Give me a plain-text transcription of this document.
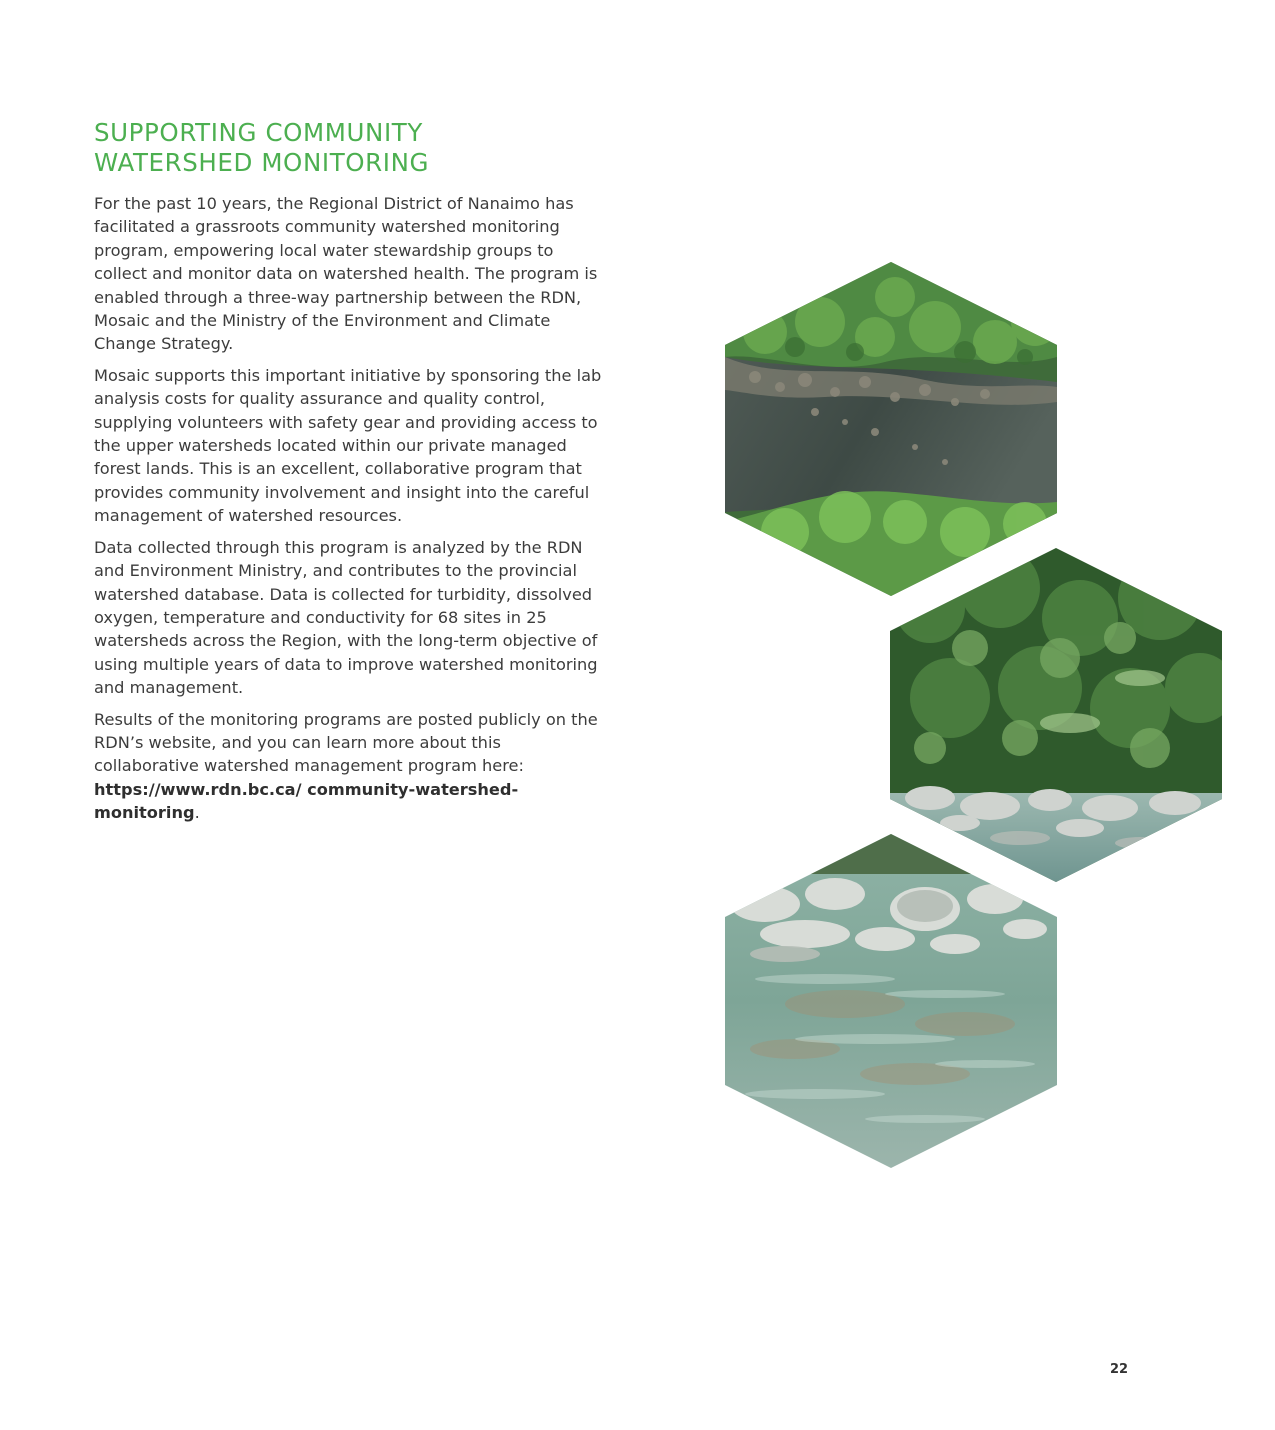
SUPPORTING COMMUNITY
WATERSHED MONITORING

For the past 10 years, the Regional District of Nanaimo has facilitated a grassroots community watershed monitoring program, empowering local water stewardship groups to collect and monitor data on watershed health. The program is enabled through a three-way partnership between the RDN, Mosaic and the Ministry of the Environment and Climate Change Strategy.

Mosaic supports this important initiative by sponsoring the lab analysis costs for quality assurance and quality control, supplying volunteers with safety gear and providing access to the upper watersheds located within our private managed forest lands. This is an excellent, collaborative program that provides community involvement and insight into the careful management of watershed resources.

Data collected through this program is analyzed by the RDN and Environment Ministry, and contributes to the provincial watershed database. Data is collected for turbidity, dissolved oxygen, temperature and conductivity for 68 sites in 25 watersheds across the Region, with the long-term objective of using multiple years of data to improve watershed monitoring and management.

Results of the monitoring programs are posted publicly on the RDN’s website, and you can learn more about this collaborative watershed management program here: https://www.rdn.bc.ca/ community-watershed-monitoring.

22
